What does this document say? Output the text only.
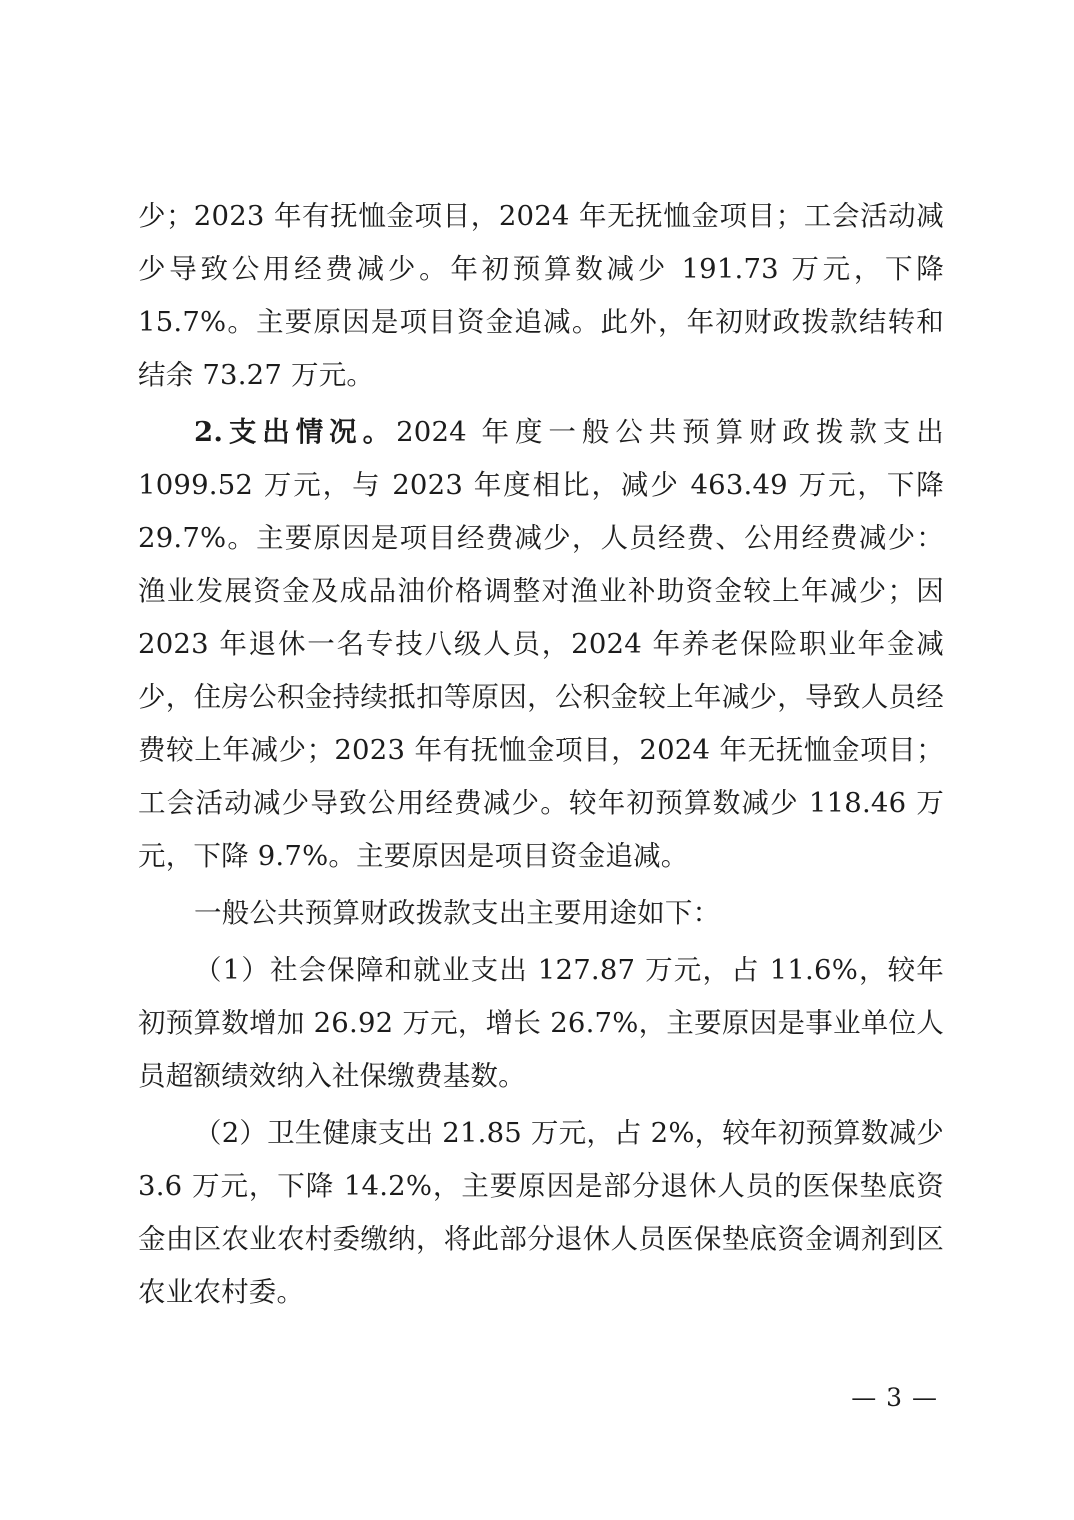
少；2023 年有抚恤金项目，2024 年无抚恤金项目；工会活动减少导致公用经费减少。年初预算数减少 191.73 万元，下降 15.7%。主要原因是项目资金追减。此外，年初财政拨款结转和结余 73.27 万元。

2.支出情况。2024 年度一般公共预算财政拨款支出 1099.52 万元，与 2023 年度相比，减少 463.49 万元，下降 29.7%。主要原因是项目经费减少，人员经费、公用经费减少：渔业发展资金及成品油价格调整对渔业补助资金较上年减少；因 2023 年退休一名专技八级人员，2024 年养老保险职业年金减少，住房公积金持续抵扣等原因，公积金较上年减少，导致人员经费较上年减少；2023 年有抚恤金项目，2024 年无抚恤金项目；工会活动减少导致公用经费减少。较年初预算数减少 118.46 万元，下降 9.7%。主要原因是项目资金追减。

一般公共预算财政拨款支出主要用途如下：

（1）社会保障和就业支出 127.87 万元，占 11.6%，较年初预算数增加 26.92 万元，增长 26.7%，主要原因是事业单位人员超额绩效纳入社保缴费基数。

（2）卫生健康支出 21.85 万元，占 2%，较年初预算数减少 3.6 万元，下降 14.2%，主要原因是部分退休人员的医保垫底资金由区农业农村委缴纳，将此部分退休人员医保垫底资金调剂到区农业农村委。

— 3 —
